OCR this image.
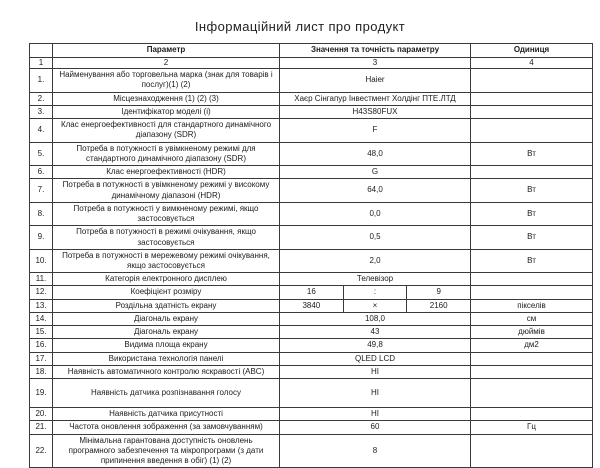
Інформаційний лист про продукт
	Параметр	Значення та точність параметру	Одиниця
1	2	3	4
1.	Найменування або торговельна марка (знак для товарів і послуг)(1) (2)	Haier	
2.	Місцезнаходження (1) (2) (3)	Хаєр Сінгапур Інвестмент Холдінг ПТЕ.ЛТД	
3.	Ідентифікатор моделі (і)	H43S80FUX	
4.	Клас енергоефективності для стандартного динамічного діапазону (SDR)	F	
5.	Потреба в потужності в увімкненому режимі для стандартного динамічного діапазону (SDR)	48,0	Вт
6.	Клас енергоефективності (HDR)	G	
7.	Потреба в потужності в увімкненому режимі у високому динамічному діапазоні (HDR)	64,0	Вт
8.	Потреба в потужності у вимкненому режимі, якщо застосовується	0,0	Вт
9.	Потреба в потужності в режимі очікування, якщо застосовується	0,5	Вт
10.	Потреба в потужності в мережевому режимі очікування, якщо застосовується	2,0	Вт
11.	Категорія електронного дисплею	Телевізор	
12.	Коефіцієнт розміру	16 : 9	

13.	Роздільна здатність екрану	3840 × 2160	пікселів
14.	Діагональ екрану	108,0	см
15.	Діагональ екрану	43	дюймів
16.	Видима площа екрану	49,8	дм2
17.	Використана технологія панелі	QLED LCD	
18.	Наявність автоматичного контролю яскравості (ABC)	НІ	
19.	Наявність датчика розпізнавання голосу	НІ	
20.	Наявність датчика присутності	НІ	
21.	Частота оновлення зображення (за замовчуванням)	60	Гц
22.	Мінімальна гарантована доступність оновлень програмного забезпечення та мікропрограми (з дати припинення введення в обіг) (1) (2)	8	
